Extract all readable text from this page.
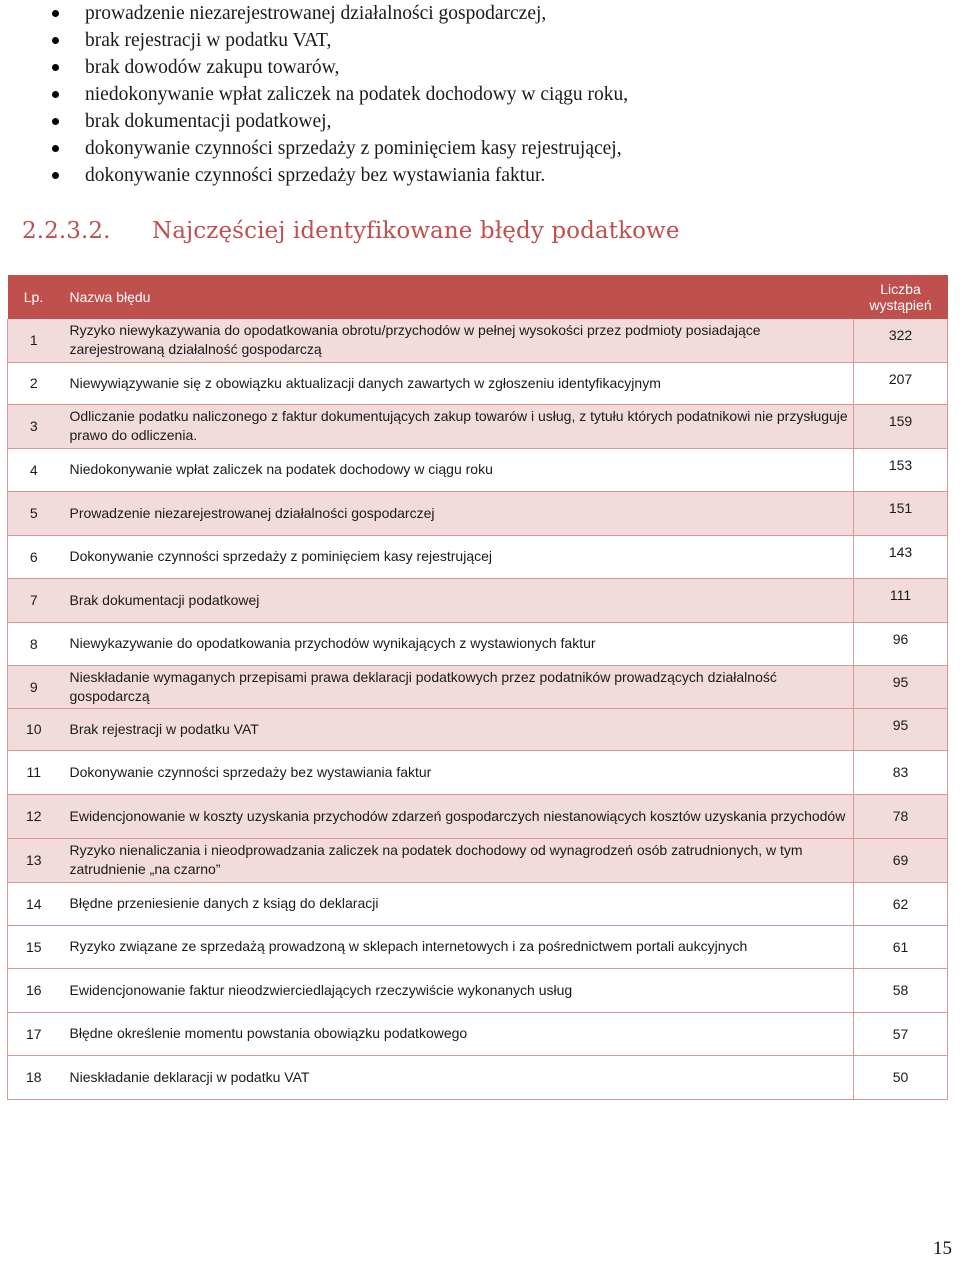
prowadzenie niezarejestrowanej działalności gospodarczej,
brak rejestracji w podatku VAT,
brak dowodów zakupu towarów,
niedokonywanie wpłat zaliczek na podatek dochodowy w ciągu roku,
brak dokumentacji podatkowej,
dokonywanie czynności sprzedaży z pominięciem kasy rejestrującej,
dokonywanie czynności sprzedaży bez wystawiania faktur.
2.2.3.2. Najczęściej identyfikowane błędy podatkowe
Lp.	Nazwa błędu	Liczba wystąpień
1	Ryzyko niewykazywania do opodatkowania obrotu/przychodów w pełnej wysokości przez podmioty posiadające zarejestrowaną działalność gospodarczą	322
2	Niewywiązywanie się z obowiązku aktualizacji danych zawartych w zgłoszeniu identyfikacyjnym	207
3	Odliczanie podatku naliczonego z faktur dokumentujących zakup towarów i usług, z tytułu których podatnikowi nie przysługuje prawo do odliczenia.	159
4	Niedokonywanie wpłat zaliczek na podatek dochodowy w ciągu roku	153
5	Prowadzenie niezarejestrowanej działalności gospodarczej	151
6	Dokonywanie czynności sprzedaży z pominięciem kasy rejestrującej	143
7	Brak dokumentacji podatkowej	111
8	Niewykazywanie do opodatkowania przychodów wynikających z wystawionych faktur	96
9	Nieskładanie wymaganych przepisami prawa deklaracji podatkowych przez podatników prowadzących działalność gospodarczą	95
10	Brak rejestracji w podatku VAT	95
11	Dokonywanie czynności sprzedaży bez wystawiania faktur	83
12	Ewidencjonowanie w koszty uzyskania przychodów zdarzeń gospodarczych niestanowiących kosztów uzyskania przychodów	78
13	Ryzyko nienaliczania i nieodprowadzania zaliczek na podatek dochodowy od wynagrodzeń osób zatrudnionych, w tym zatrudnienie „na czarno”	69
14	Błędne przeniesienie danych z ksiąg do deklaracji	62
15	Ryzyko związane ze sprzedażą prowadzoną w sklepach internetowych i za pośrednictwem portali aukcyjnych	61
16	Ewidencjonowanie faktur nieodzwierciedlających rzeczywiście wykonanych usług	58
17	Błędne określenie momentu powstania obowiązku podatkowego	57
18	Nieskładanie deklaracji w podatku VAT	50
15
